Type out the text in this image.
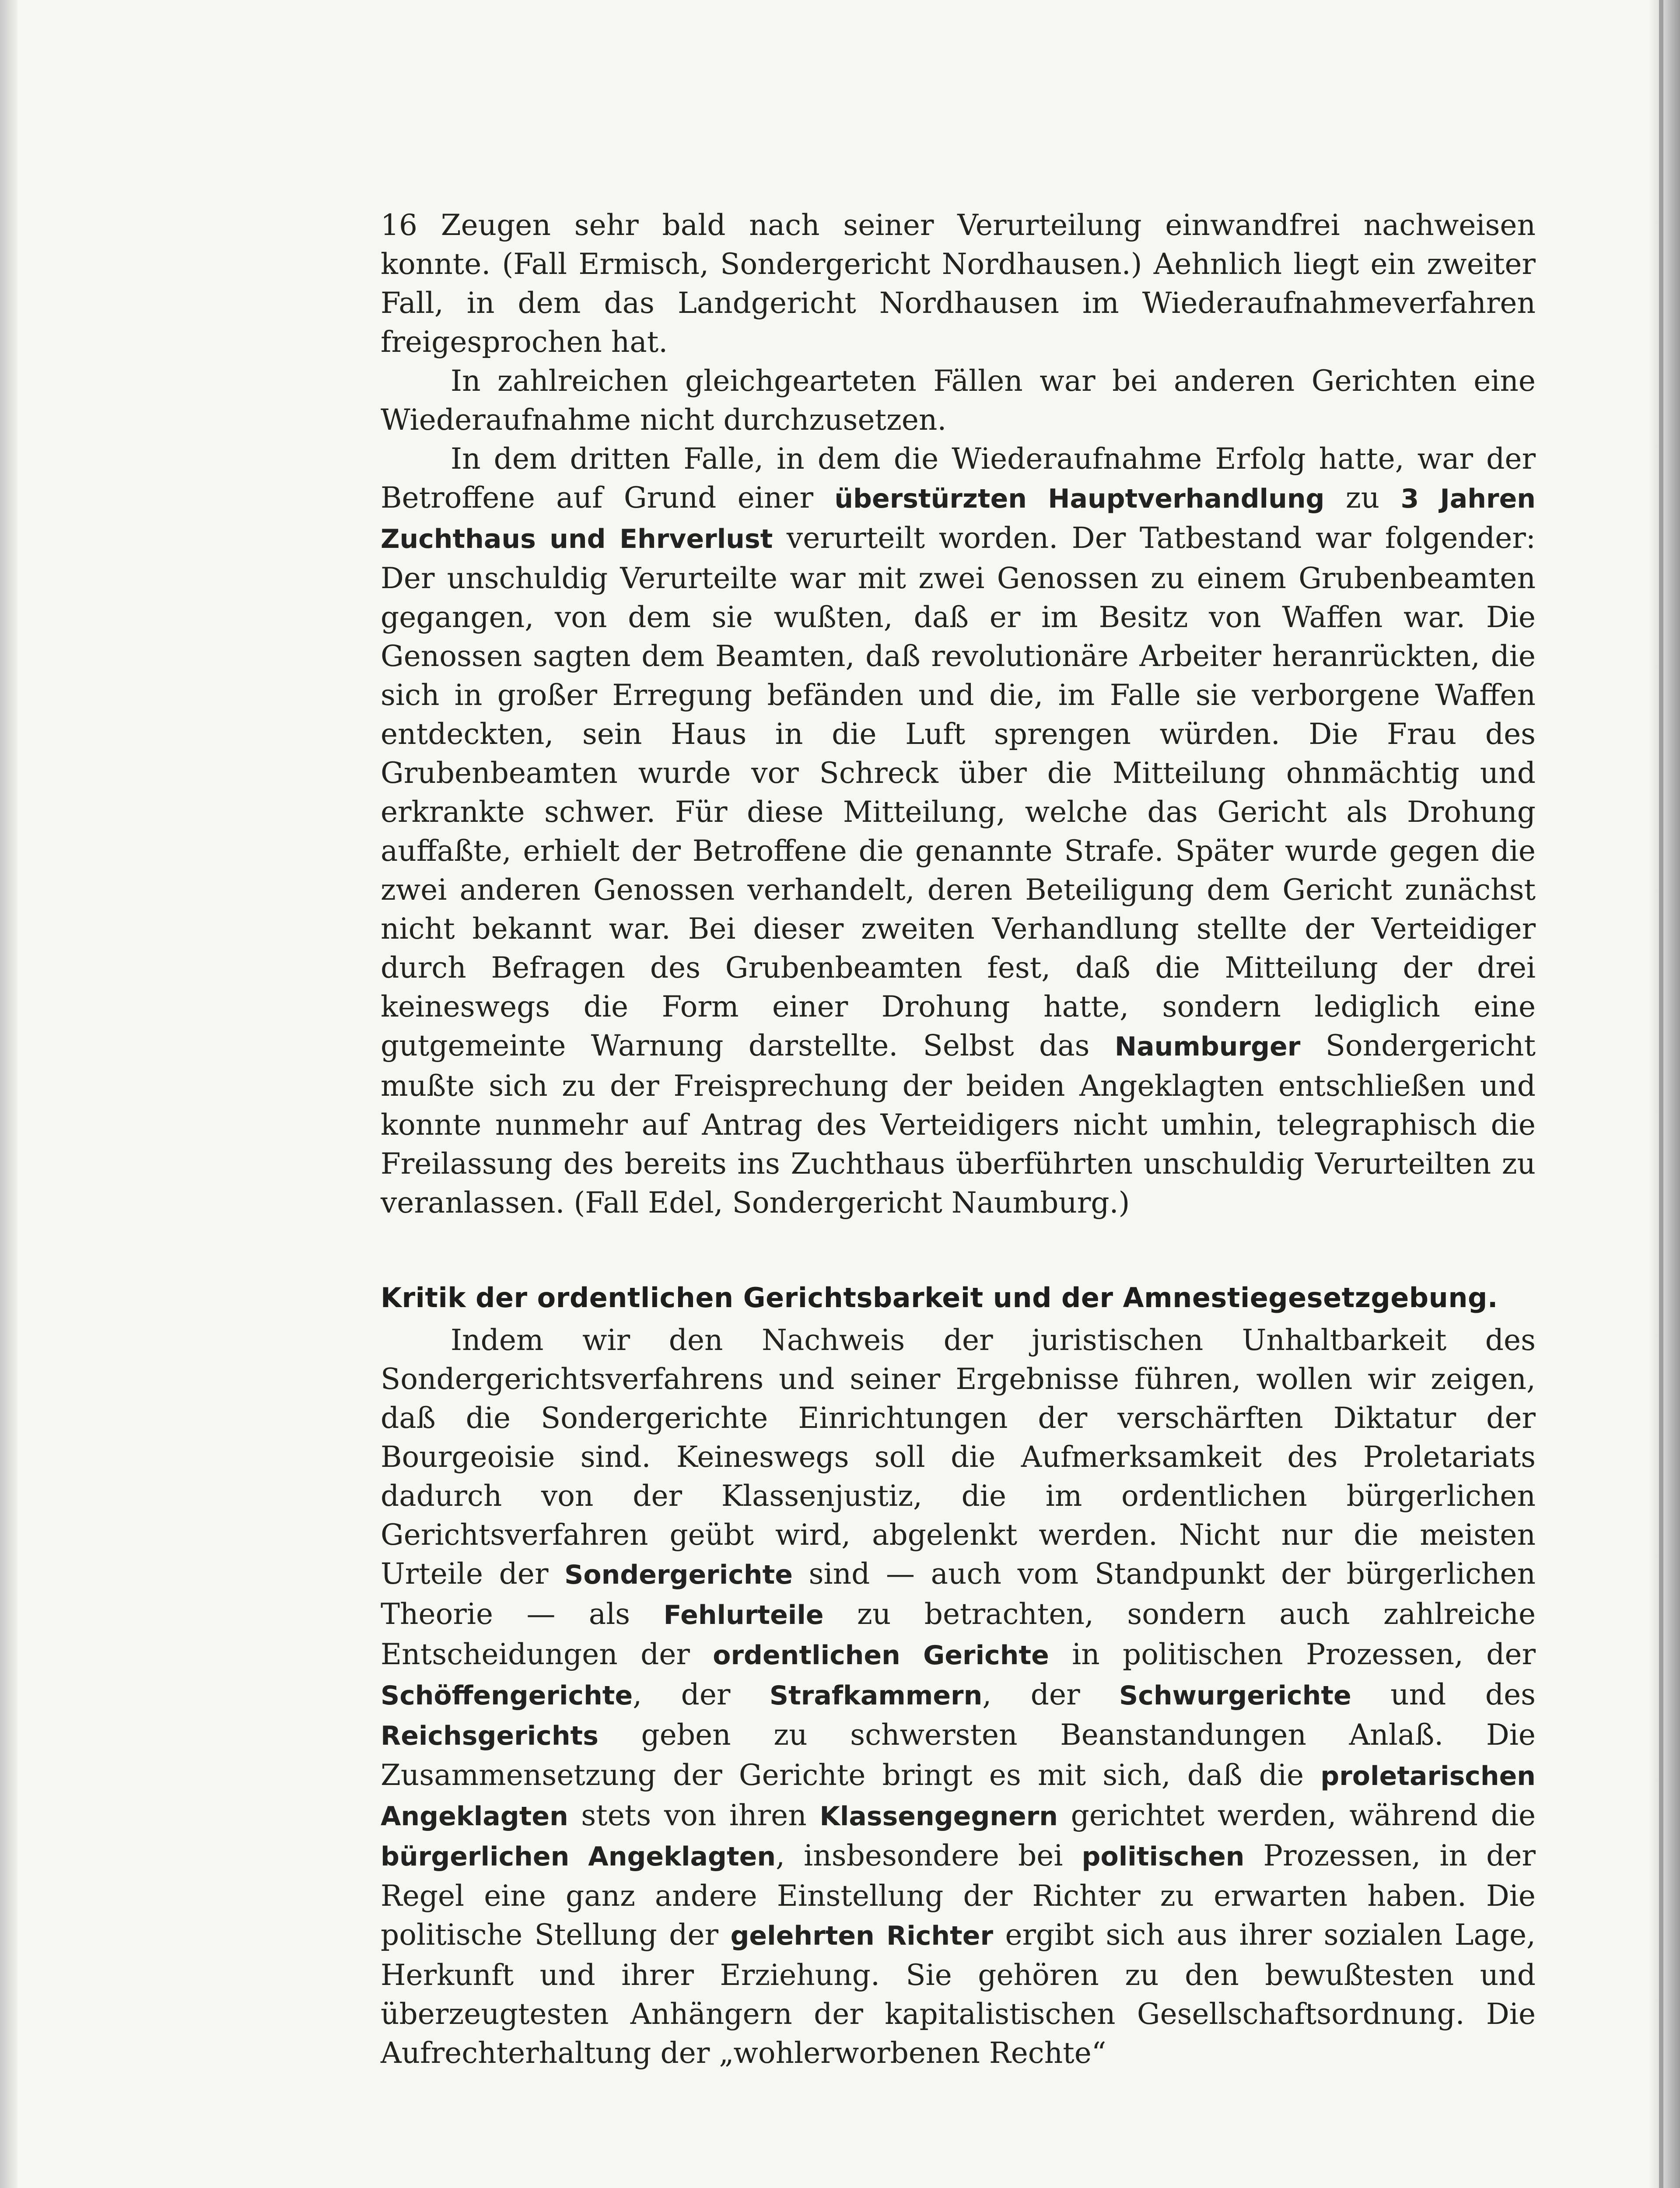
16 Zeugen sehr bald nach seiner Verurteilung einwandfrei nachweisen konnte. (Fall Ermisch, Sondergericht Nordhausen.) Aehnlich liegt ein zweiter Fall, in dem das Landgericht Nordhausen im Wiederaufnahmeverfahren freigesprochen hat.

In zahlreichen gleichgearteten Fällen war bei anderen Gerichten eine Wiederaufnahme nicht durchzusetzen.

In dem dritten Falle, in dem die Wiederaufnahme Erfolg hatte, war der Betroffene auf Grund einer überstürzten Hauptverhandlung zu 3 Jahren Zuchthaus und Ehrverlust verurteilt worden. Der Tatbestand war folgender: Der unschuldig Verurteilte war mit zwei Genossen zu einem Grubenbeamten gegangen, von dem sie wußten, daß er im Besitz von Waffen war. Die Genossen sagten dem Beamten, daß revolutionäre Arbeiter heranrückten, die sich in großer Erregung befänden und die, im Falle sie verborgene Waffen entdeckten, sein Haus in die Luft sprengen würden. Die Frau des Grubenbeamten wurde vor Schreck über die Mitteilung ohnmächtig und erkrankte schwer. Für diese Mitteilung, welche das Gericht als Drohung auffaßte, erhielt der Betroffene die genannte Strafe. Später wurde gegen die zwei anderen Genossen verhandelt, deren Beteiligung dem Gericht zunächst nicht bekannt war. Bei dieser zweiten Verhandlung stellte der Verteidiger durch Befragen des Grubenbeamten fest, daß die Mitteilung der drei keineswegs die Form einer Drohung hatte, sondern lediglich eine gutgemeinte Warnung darstellte. Selbst das Naumburger Sondergericht mußte sich zu der Freisprechung der beiden Angeklagten entschließen und konnte nunmehr auf Antrag des Verteidigers nicht umhin, telegraphisch die Freilassung des bereits ins Zuchthaus überführten unschuldig Verurteilten zu veranlassen. (Fall Edel, Sondergericht Naumburg.)

Kritik der ordentlichen Gerichtsbarkeit und der Amnestiegesetzgebung.

Indem wir den Nachweis der juristischen Unhaltbarkeit des Sondergerichtsverfahrens und seiner Ergebnisse führen, wollen wir zeigen, daß die Sondergerichte Einrichtungen der verschärften Diktatur der Bourgeoisie sind. Keineswegs soll die Aufmerksamkeit des Proletariats dadurch von der Klassenjustiz, die im ordentlichen bürgerlichen Gerichtsverfahren geübt wird, abgelenkt werden. Nicht nur die meisten Urteile der Sondergerichte sind — auch vom Standpunkt der bürgerlichen Theorie — als Fehlurteile zu betrachten, sondern auch zahlreiche Entscheidungen der ordentlichen Gerichte in politischen Prozessen, der Schöffengerichte, der Strafkammern, der Schwurgerichte und des Reichsgerichts geben zu schwersten Beanstandungen Anlaß. Die Zusammensetzung der Gerichte bringt es mit sich, daß die proletarischen Angeklagten stets von ihren Klassengegnern gerichtet werden, während die bürgerlichen Angeklagten, insbesondere bei politischen Prozessen, in der Regel eine ganz andere Einstellung der Richter zu erwarten haben. Die politische Stellung der gelehrten Richter ergibt sich aus ihrer sozialen Lage, Herkunft und ihrer Erziehung. Sie gehören zu den bewußtesten und überzeugtesten Anhängern der kapitalistischen Gesellschaftsordnung. Die Aufrechterhaltung der „wohlerworbenen Rechte“
